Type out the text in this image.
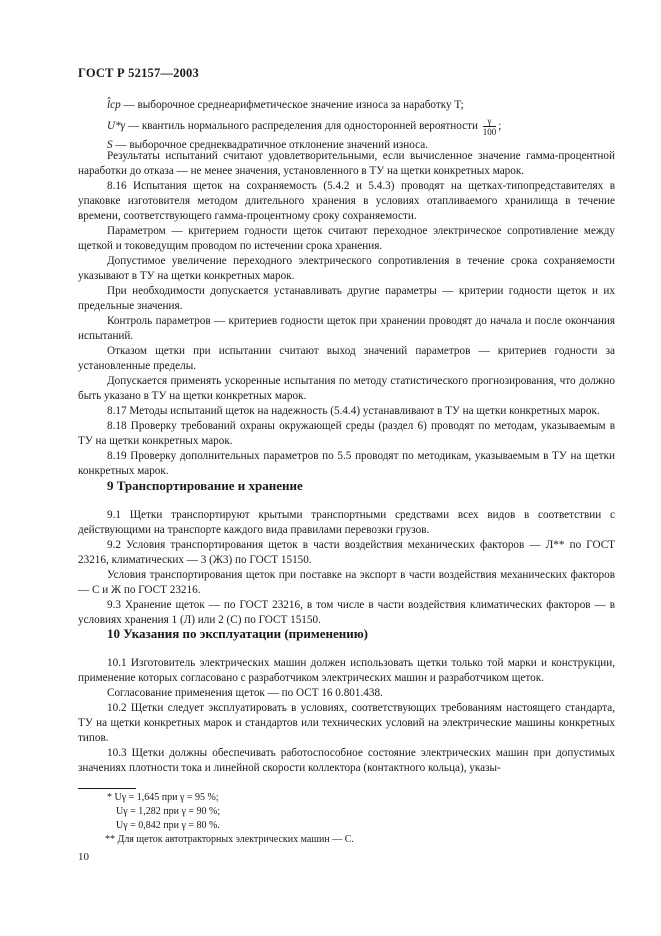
ГОСТ Р 52157—2003

l̂ср — выборочное среднеарифметическое значение износа за наработку T;

U*γ — квантиль нормального распределения для односторонней вероятности $\frac{\gamma}{100}$ ;

S — выборочное среднеквадратичное отклонение значений износа.

Результаты испытаний считают удовлетворительными, если вычисленное значение гамма-процентной наработки до отказа — не менее значения, установленного в ТУ на щетки конкретных марок.

8.16 Испытания щеток на сохраняемость (5.4.2 и 5.4.3) проводят на щетках-типопредставителях в упаковке изготовителя методом длительного хранения в условиях отапливаемого хранилища в течение времени, соответствующего гамма-процентному сроку сохраняемости.

Параметром — критерием годности щеток считают переходное электрическое сопротивление между щеткой и токоведущим проводом по истечении срока хранения.

Допустимое увеличение переходного электрического сопротивления в течение срока сохраняемости указывают в ТУ на щетки конкретных марок.

При необходимости допускается устанавливать другие параметры — критерии годности щеток и их предельные значения.

Контроль параметров — критериев годности щеток при хранении проводят до начала и после окончания испытаний.

Отказом щетки при испытании считают выход значений параметров — критериев годности за установленные пределы.

Допускается применять ускоренные испытания по методу статистического прогнозирования, что должно быть указано в ТУ на щетки конкретных марок.

8.17 Методы испытаний щеток на надежность (5.4.4) устанавливают в ТУ на щетки конкретных марок.

8.18 Проверку требований охраны окружающей среды (раздел 6) проводят по методам, указываемым в ТУ на щетки конкретных марок.

8.19 Проверку дополнительных параметров по 5.5 проводят по методикам, указываемым в ТУ на щетки конкретных марок.

9 Транспортирование и хранение

9.1 Щетки транспортируют крытыми транспортными средствами всех видов в соответствии с действующими на транспорте каждого вида правилами перевозки грузов.

9.2 Условия транспортирования щеток в части воздействия механических факторов — Л** по ГОСТ 23216, климатических — 3 (Ж3) по ГОСТ 15150.

Условия транспортирования щеток при поставке на экспорт в части воздействия механических факторов — С и Ж по ГОСТ 23216.

9.3 Хранение щеток — по ГОСТ 23216, в том числе в части воздействия климатических факторов — в условиях хранения 1 (Л) или 2 (С) по ГОСТ 15150.

10 Указания по эксплуатации (применению)

10.1 Изготовитель электрических машин должен использовать щетки только той марки и конструкции, применение которых согласовано с разработчиком электрических машин и разработчиком щеток.

Согласование применения щеток — по ОСТ 16 0.801.438.

10.2 Щетки следует эксплуатировать в условиях, соответствующих требованиям настоящего стандарта, ТУ на щетки конкретных марок и стандартов или технических условий на электрические машины конкретных типов.

10.3 Щетки должны обеспечивать работоспособное состояние электрических машин при допустимых значениях плотности тока и линейной скорости коллектора (контактного кольца), указы-

* Uγ = 1,645 при γ = 95 %;

Uγ = 1,282 при γ = 90 %;

Uγ = 0,842 при γ = 80 %.

** Для щеток автотракторных электрических машин — С.

10
